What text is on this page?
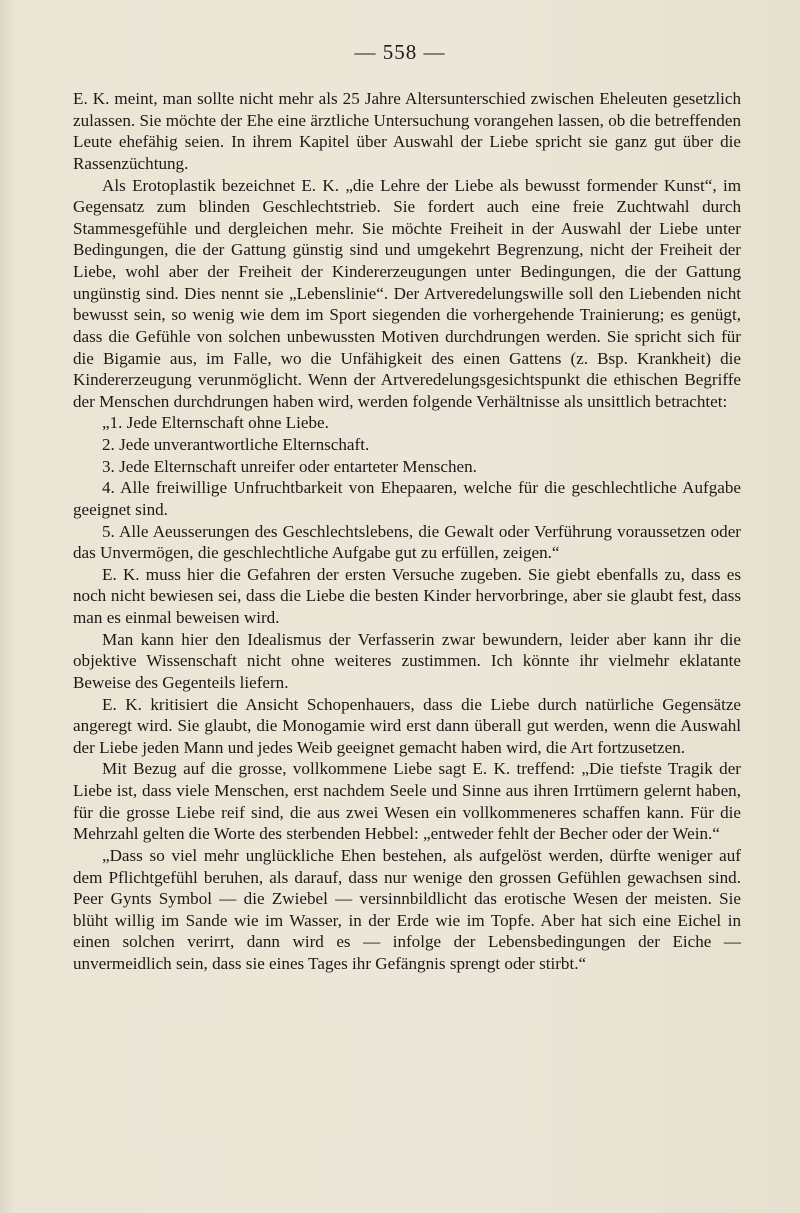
— 558 —

E. K. meint, man sollte nicht mehr als 25 Jahre Altersunterschied zwischen Eheleuten gesetzlich zulassen. Sie möchte der Ehe eine ärztliche Untersuchung vorangehen lassen, ob die betreffenden Leute ehefähig seien. In ihrem Kapitel über Auswahl der Liebe spricht sie ganz gut über die Rassenzüchtung.

Als Erotoplastik bezeichnet E. K. „die Lehre der Liebe als bewusst formender Kunst“, im Gegensatz zum blinden Geschlechtstrieb. Sie fordert auch eine freie Zuchtwahl durch Stammesgefühle und dergleichen mehr. Sie möchte Freiheit in der Auswahl der Liebe unter Bedingungen, die der Gattung günstig sind und umgekehrt Begrenzung, nicht der Freiheit der Liebe, wohl aber der Freiheit der Kindererzeugungen unter Bedingungen, die der Gattung ungünstig sind. Dies nennt sie „Lebenslinie“. Der Artveredelungswille soll den Liebenden nicht bewusst sein, so wenig wie dem im Sport siegenden die vorhergehende Trainierung; es genügt, dass die Gefühle von solchen unbewussten Motiven durchdrungen werden. Sie spricht sich für die Bigamie aus, im Falle, wo die Unfähigkeit des einen Gattens (z. Bsp. Krankheit) die Kindererzeugung verunmöglicht. Wenn der Artveredelungsgesichtspunkt die ethischen Begriffe der Menschen durchdrungen haben wird, werden folgende Verhältnisse als unsittlich betrachtet:

„1. Jede Elternschaft ohne Liebe.

2. Jede unverantwortliche Elternschaft.

3. Jede Elternschaft unreifer oder entarteter Menschen.

4. Alle freiwillige Unfruchtbarkeit von Ehepaaren, welche für die geschlechtliche Aufgabe geeignet sind.

5. Alle Aeusserungen des Geschlechtslebens, die Gewalt oder Verführung voraussetzen oder das Unvermögen, die geschlechtliche Aufgabe gut zu erfüllen, zeigen.“

E. K. muss hier die Gefahren der ersten Versuche zugeben. Sie giebt ebenfalls zu, dass es noch nicht bewiesen sei, dass die Liebe die besten Kinder hervorbringe, aber sie glaubt fest, dass man es einmal beweisen wird.

Man kann hier den Idealismus der Verfasserin zwar bewundern, leider aber kann ihr die objektive Wissenschaft nicht ohne weiteres zustimmen. Ich könnte ihr vielmehr eklatante Beweise des Gegenteils liefern.

E. K. kritisiert die Ansicht Schopenhauers, dass die Liebe durch natürliche Gegensätze angeregt wird. Sie glaubt, die Monogamie wird erst dann überall gut werden, wenn die Auswahl der Liebe jeden Mann und jedes Weib geeignet gemacht haben wird, die Art fortzusetzen.

Mit Bezug auf die grosse, vollkommene Liebe sagt E. K. treffend: „Die tiefste Tragik der Liebe ist, dass viele Menschen, erst nachdem Seele und Sinne aus ihren Irrtümern gelernt haben, für die grosse Liebe reif sind, die aus zwei Wesen ein vollkommeneres schaffen kann. Für die Mehrzahl gelten die Worte des sterbenden Hebbel: „entweder fehlt der Becher oder der Wein.“

„Dass so viel mehr unglückliche Ehen bestehen, als aufgelöst werden, dürfte weniger auf dem Pflichtgefühl beruhen, als darauf, dass nur wenige den grossen Gefühlen gewachsen sind. Peer Gynts Symbol — die Zwiebel — versinnbildlicht das erotische Wesen der meisten. Sie blüht willig im Sande wie im Wasser, in der Erde wie im Topfe. Aber hat sich eine Eichel in einen solchen verirrt, dann wird es — infolge der Lebensbedingungen der Eiche — unvermeidlich sein, dass sie eines Tages ihr Gefängnis sprengt oder stirbt.“
